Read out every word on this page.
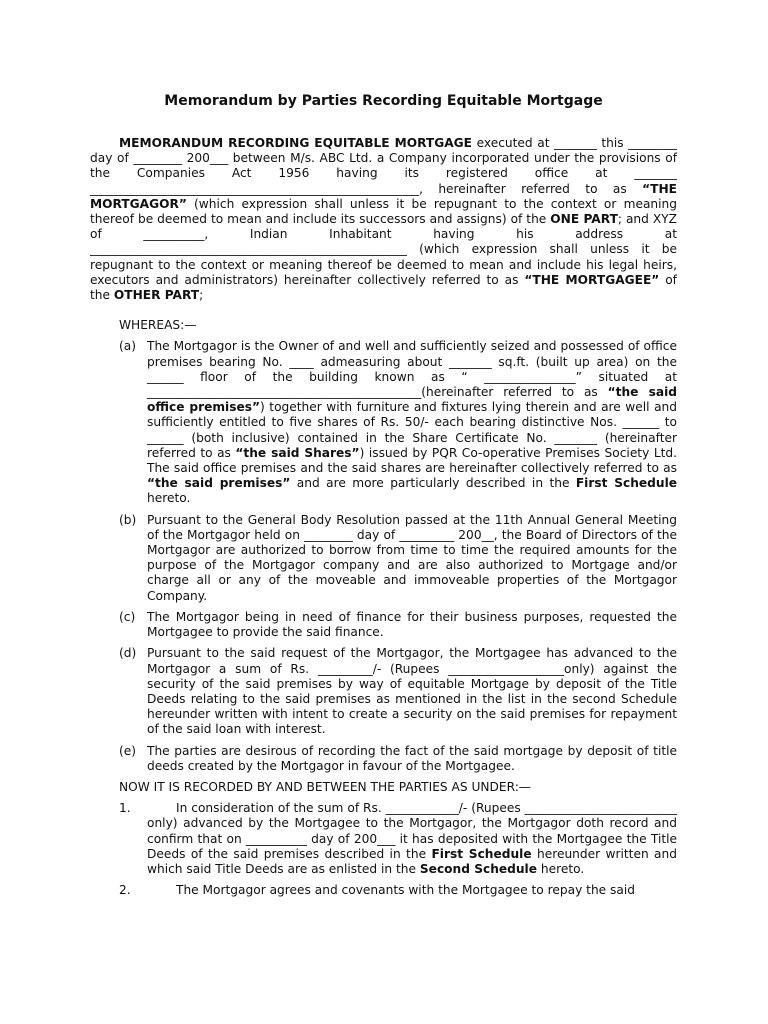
Memorandum by Parties Recording Equitable Mortgage

MEMORANDUM RECORDING EQUITABLE MORTGAGE executed at _______ this ________ day of ________ 200___ between M/s. ABC Ltd. a Company incorporated under the provisions of the Companies Act 1956 having its registered office at _______ ______________________________________________________, hereinafter referred to as “THE MORTGAGOR” (which expression shall unless it be repugnant to the context or meaning thereof be deemed to mean and include its successors and assigns) of the ONE PART; and XYZ of __________, Indian Inhabitant having his address at ____________________________________________________ (which expression shall unless it be repugnant to the context or meaning thereof be deemed to mean and include his legal heirs, executors and administrators) hereinafter collectively referred to as “THE MORTGAGEE” of the OTHER PART;

WHEREAS:—

(a) The Mortgagor is the Owner of and well and sufficiently seized and possessed of office premises bearing No. ____ admeasuring about _______ sq.ft. (built up area) on the ______ floor of the building known as “ _______________” situated at _____________________________________________(hereinafter referred to as “the said office premises”) together with furniture and fixtures lying therein and are well and sufficiently entitled to five shares of Rs. 50/- each bearing distinctive Nos. ______ to ______ (both inclusive) contained in the Share Certificate No. _______ (hereinafter referred to as “the said Shares”) issued by PQR Co-operative Premises Society Ltd. The said office premises and the said shares are hereinafter collectively referred to as “the said premises” and are more particularly described in the First Schedule hereto.
(b) Pursuant to the General Body Resolution passed at the 11th Annual General Meeting of the Mortgagor held on ________ day of _________ 200__, the Board of Directors of the Mortgagor are authorized to borrow from time to time the required amounts for the purpose of the Mortgagor company and are also authorized to Mortgage and/or charge all or any of the moveable and immoveable properties of the Mortgagor Company.
(c) The Mortgagor being in need of finance for their business purposes, requested the Mortgagee to provide the said finance.
(d) Pursuant to the said request of the Mortgagor, the Mortgagee has advanced to the Mortgagor a sum of Rs. _________/- (Rupees ___________________only) against the security of the said premises by way of equitable Mortgage by deposit of the Title Deeds relating to the said premises as mentioned in the list in the second Schedule hereunder written with intent to create a security on the said premises for repayment of the said loan with interest.
(e) The parties are desirous of recording the fact of the said mortgage by deposit of title deeds created by the Mortgagor in favour of the Mortgagee.

NOW IT IS RECORDED BY AND BETWEEN THE PARTIES AS UNDER:—

1.	In consideration of the sum of Rs. ____________/- (Rupees _________________________ only) advanced by the Mortgagee to the Mortgagor, the Mortgagor doth record and confirm that on __________ day of 200___ it has deposited with the Mortgagee the Title Deeds of the said premises described in the First Schedule hereunder written and which said Title Deeds are as enlisted in the Second Schedule hereto.
2.	The Mortgagor agrees and covenants with the Mortgagee to repay the said
